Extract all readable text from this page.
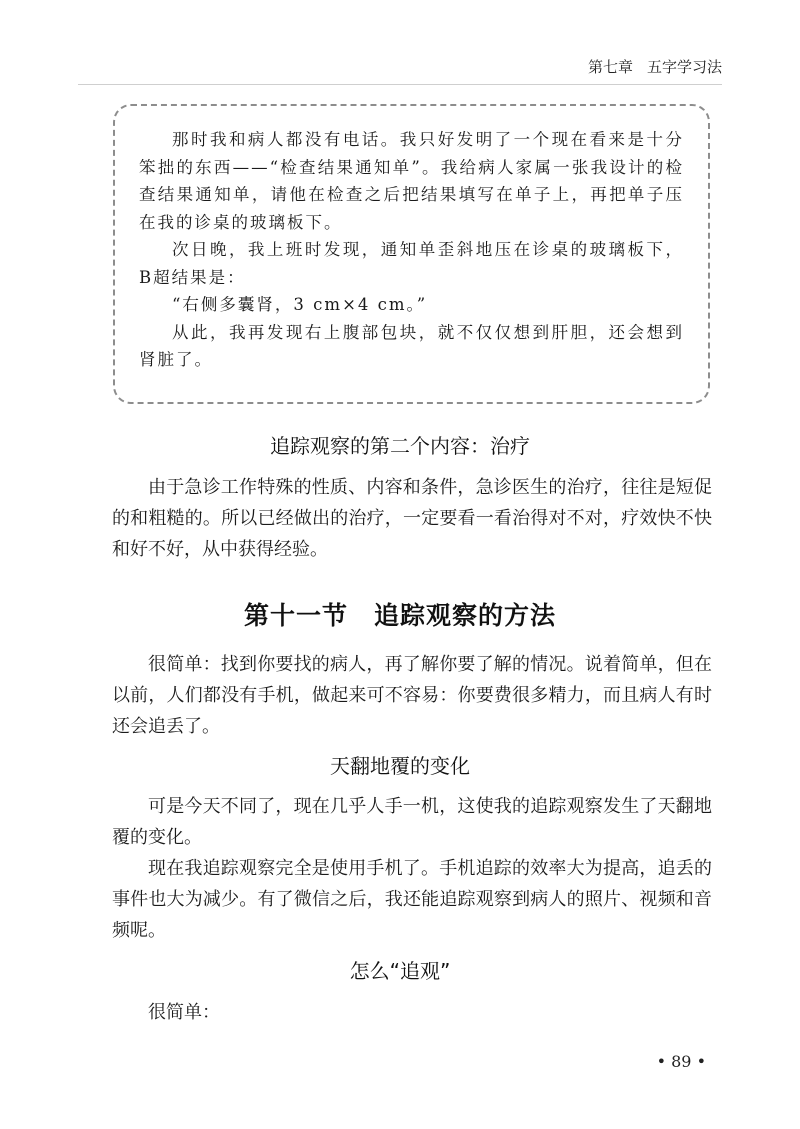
第七章 五字学习法

那时我和病人都没有电话。我只好发明了一个现在看来是十分笨拙的东西——“检查结果通知单”。我给病人家属一张我设计的检查结果通知单，请他在检查之后把结果填写在单子上，再把单子压在我的诊桌的玻璃板下。

次日晚，我上班时发现，通知单歪斜地压在诊桌的玻璃板下，B超结果是：

“右侧多囊肾，3 cm×4 cm。”

从此，我再发现右上腹部包块，就不仅仅想到肝胆，还会想到肾脏了。

追踪观察的第二个内容：治疗

由于急诊工作特殊的性质、内容和条件，急诊医生的治疗，往往是短促的和粗糙的。所以已经做出的治疗，一定要看一看治得对不对，疗效快不快和好不好，从中获得经验。

第十一节　追踪观察的方法

很简单：找到你要找的病人，再了解你要了解的情况。说着简单，但在以前，人们都没有手机，做起来可不容易：你要费很多精力，而且病人有时还会追丢了。

天翻地覆的变化

可是今天不同了，现在几乎人手一机，这使我的追踪观察发生了天翻地覆的变化。

现在我追踪观察完全是使用手机了。手机追踪的效率大为提高，追丢的事件也大为减少。有了微信之后，我还能追踪观察到病人的照片、视频和音频呢。

怎么“追观”

很简单：

• 89 •
